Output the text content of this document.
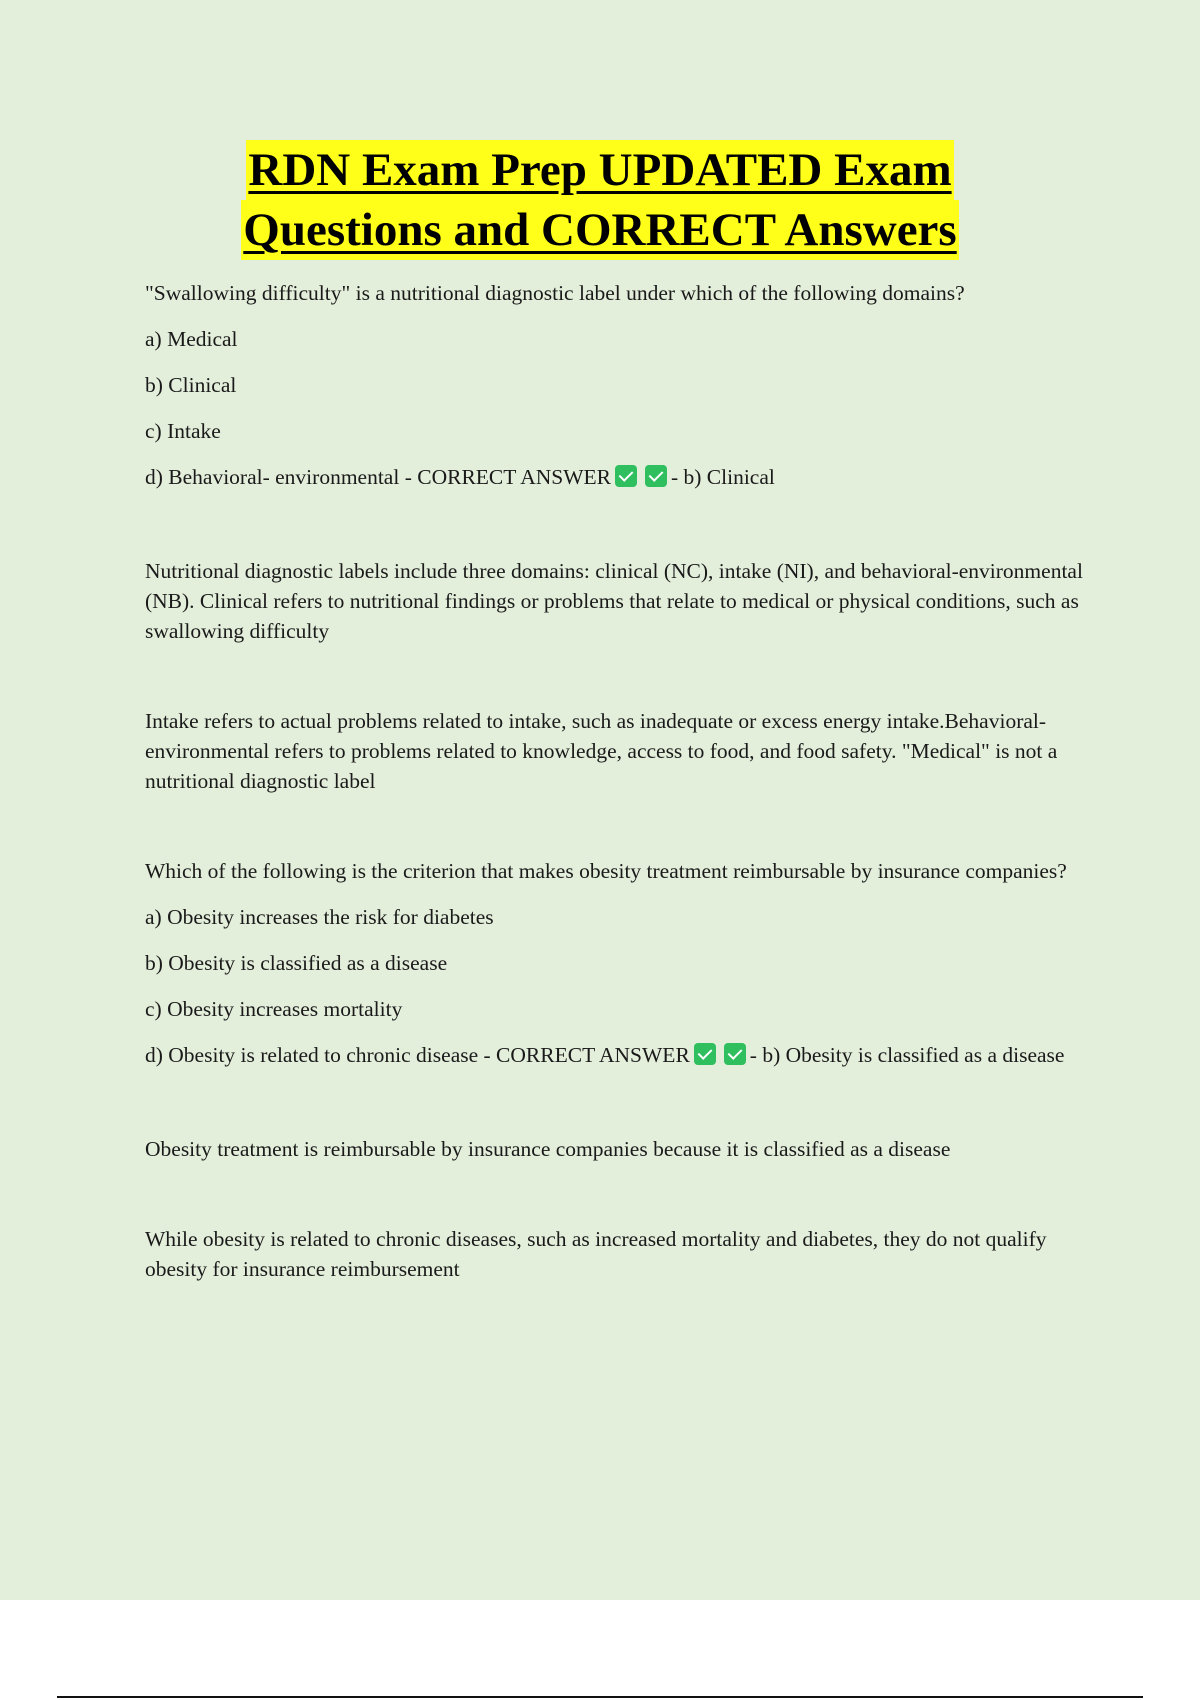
RDN Exam Prep UPDATED Exam
Questions and CORRECT Answers

"Swallowing difficulty" is a nutritional diagnostic label under which of the following domains?

a) Medical

b) Clinical

c) Intake

d) Behavioral- environmental - CORRECT ANSWER	- b) Clinical

Nutritional diagnostic labels include three domains: clinical (NC), intake (NI), and behavioral-environmental (NB). Clinical refers to nutritional findings or problems that relate to medical or physical conditions, such as swallowing difficulty

Intake refers to actual problems related to intake, such as inadequate or excess energy intake.Behavioral-environmental refers to problems related to knowledge, access to food, and food safety. "Medical" is not a nutritional diagnostic label

Which of the following is the criterion that makes obesity treatment reimbursable by insurance companies?

a) Obesity increases the risk for diabetes

b) Obesity is classified as a disease

c) Obesity increases mortality

d) Obesity is related to chronic disease - CORRECT ANSWER	- b) Obesity is classified as a disease

Obesity treatment is reimbursable by insurance companies because it is classified as a disease

While obesity is related to chronic diseases, such as increased mortality and diabetes, they do not qualify obesity for insurance reimbursement
